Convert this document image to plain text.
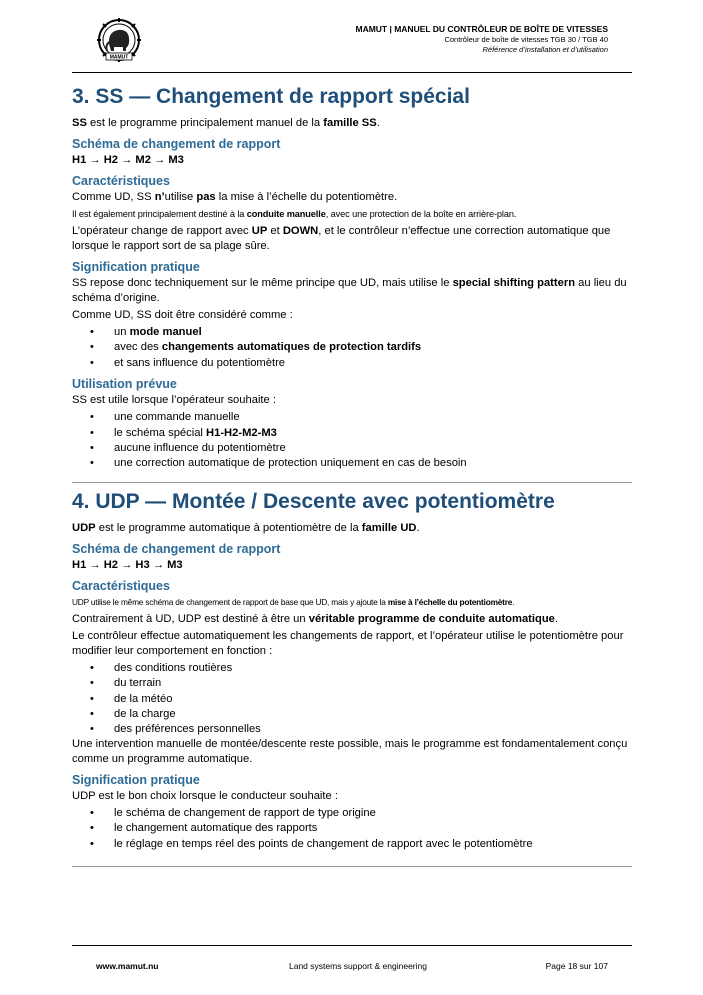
MAMUT
MAMUT | MANUEL DU CONTRÔLEUR DE BOÎTE DE VITESSES
Contrôleur de boîte de vitesses TGB 30 / TGB 40
Référence d’installation et d’utilisation
3. SS — Changement de rapport spécial

SS est le programme principalement manuel de la famille SS.

Schéma de changement de rapport

H1 → H2 → M2 → M3

Caractéristiques

Comme UD, SS n’utilise pas la mise à l’échelle du potentiomètre.

Il est également principalement destiné à la conduite manuelle, avec une protection de la boîte en arrière-plan.

L’opérateur change de rapport avec UP et DOWN, et le contrôleur n’effectue une correction automatique que lorsque le rapport sort de sa plage sûre.

Signification pratique

SS repose donc techniquement sur le même principe que UD, mais utilise le special shifting pattern au lieu du schéma d’origine.

Comme UD, SS doit être considéré comme :

• un mode manuel
• avec des changements automatiques de protection tardifs
• et sans influence du potentiomètre
Utilisation prévue

SS est utile lorsque l’opérateur souhaite :

• une commande manuelle
• le schéma spécial H1-H2-M2-M3
• aucune influence du potentiomètre
• une correction automatique de protection uniquement en cas de besoin
4. UDP — Montée / Descente avec potentiomètre

UDP est le programme automatique à potentiomètre de la famille UD.

Schéma de changement de rapport

H1 → H2 → H3 → M3

Caractéristiques

UDP utilise le même schéma de changement de rapport de base que UD, mais y ajoute la mise à l’échelle du potentiomètre.

Contrairement à UD, UDP est destiné à être un véritable programme de conduite automatique.

Le contrôleur effectue automatiquement les changements de rapport, et l’opérateur utilise le potentiomètre pour modifier leur comportement en fonction :

• des conditions routières
• du terrain
• de la météo
• de la charge
• des préférences personnelles

Une intervention manuelle de montée/descente reste possible, mais le programme est fondamentalement conçu comme un programme automatique.

Signification pratique

UDP est le bon choix lorsque le conducteur souhaite :

• le schéma de changement de rapport de type origine
• le changement automatique des rapports
• le réglage en temps réel des points de changement de rapport avec le potentiomètre
www.mamut.nu	Land systems support & engineering	Page 18 sur 107
